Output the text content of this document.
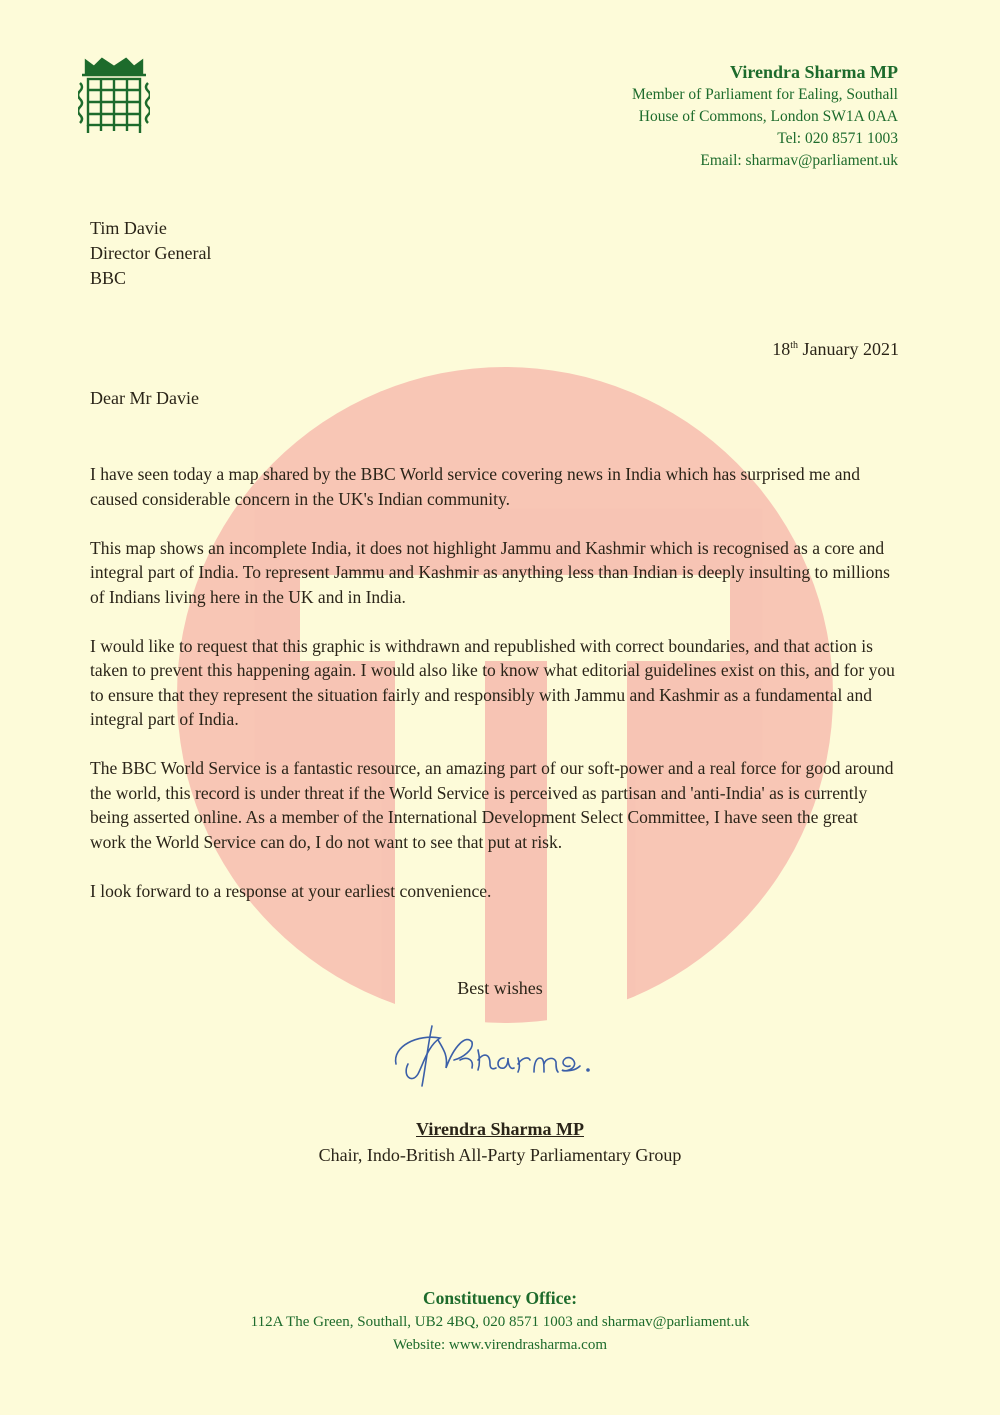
Virendra Sharma MP
Member of Parliament for Ealing, Southall
House of Commons, London SW1A 0AA
Tel: 020 8571 1003
Email: sharmav@parliament.uk
Tim Davie
Director General
BBC
18th January 2021
Dear Mr Davie

I have seen today a map shared by the BBC World service covering news in India which has surprised me and caused considerable concern in the UK's Indian community.

This map shows an incomplete India, it does not highlight Jammu and Kashmir which is recognised as a core and integral part of India. To represent Jammu and Kashmir as anything less than Indian is deeply insulting to millions of Indians living here in the UK and in India.

I would like to request that this graphic is withdrawn and republished with correct boundaries, and that action is taken to prevent this happening again. I would also like to know what editorial guidelines exist on this, and for you to ensure that they represent the situation fairly and responsibly with Jammu and Kashmir as a fundamental and integral part of India.

The BBC World Service is a fantastic resource, an amazing part of our soft-power and a real force for good around the world, this record is under threat if the World Service is perceived as partisan and 'anti-India' as is currently being asserted online. As a member of the International Development Select Committee, I have seen the great work the World Service can do, I do not want to see that put at risk.

I look forward to a response at your earliest convenience.

Best wishes
Virendra Sharma MP
Chair, Indo-British All-Party Parliamentary Group
Constituency Office:
112A The Green, Southall, UB2 4BQ, 020 8571 1003 and sharmav@parliament.uk
Website: www.virendrasharma.com
